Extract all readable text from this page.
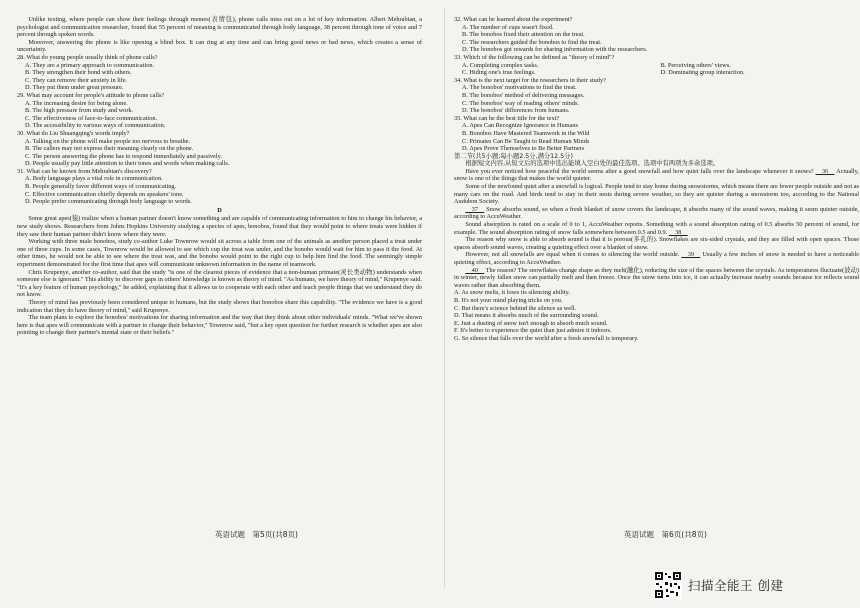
Unlike texting, where people can show their feelings through memes(表情包), phone calls miss out on a lot of key information. Albert Mehrabian, a psychologist and communication researcher, found that 55 percent of meaning is communicated through body language, 38 percent through tone of voice and 7 percent through spoken words.

Moreover, answering the phone is like opening a blind box. It can ring at any time and can bring good news or bad news, which creates a sense of uncertainty.

28. What do young people usually think of phone calls?

A. They are a primary approach to communication.

B. They strengthen their bond with others.

C. They can remove their anxiety in life.

D. They put them under great pressure.

29. What may account for people's attitude to phone calls?

A. The increasing desire for being alone.

B. The high pressure from study and work.

C. The effectiveness of face-to-face communication.

D. The accessibility to various ways of communication.

30. What do Liu Shuangqing's words imply?

A. Talking on the phone will make people too nervous to breathe.

B. The callers may not express their meaning clearly on the phone.

C. The person answering the phone has to respond immediately and passively.

D. People usually pay little attention to their tones and words when making calls.

31. What can be known from Mehrabian's discovery?

A. Body language plays a vital role in communication.

B. People generally favor different ways of communicating.

C. Effective communication chiefly depends on speakers' tone.

D. People prefer communicating through body language to words.

D

Some great apes(猿) realize when a human partner doesn't know something and are capable of communicating information to him to change his behavior, a new study shows. Researchers from Johns Hopkins University studying a species of apes, bonobos, found that they would point to where treats were hidden if they saw their human partner didn't know where they were.

Working with three male bonobos, study co-author Luke Townrow would sit across a table from one of the animals as another person placed a treat under one of three cups. In some cases, Townrow would be allowed to see which cup the treat was under, and the bonobo would wait for him to pass it the food. At other times, he would not be able to see where the treat was, and the bonobo would point to the right cup to help him find the food. The seemingly simple experiment demonstrated for the first time that apes will communicate unknown information in the name of teamwork.

Chris Krupenye, another co-author, said that the study "is one of the clearest pieces of evidence that a non-human primate(灵长类动物) understands when someone else is ignorant." This ability to discover gaps in others' knowledge is known as theory of mind. "As humans, we have theory of mind," Krupenye said. "It's a key feature of human psychology," he added, explaining that it allows us to cooperate with each other and teach people things that we understand they do not know.

Theory of mind has previously been considered unique to humans, but the study shows that bonobos share this capability. "The evidence we have is a good indication that they do have theory of mind," said Krupenye.

The team plans to explore the bonobos' motivations for sharing information and the way that they think about other individuals' minds. "What we've shown here is that apes will communicate with a partner to change their behavior," Townrow said, "but a key open question for further research is whether apes are also pointing to change their partner's mental state or their beliefs."

英语试题　第5页(共8页)

32. What can be learned about the experiment?

A. The number of cups wasn't fixed.

B. The bonobos fixed their attention on the treat.

C. The researchers guided the bonobos to find the treat.

D. The bonobos got rewards for sharing information with the researchers.

33. Which of the following can be defined as "theory of mind"?

A. Completing complex tasks.	B. Perceiving others' views.
C. Hiding one's true feelings.	D. Dominating group interaction.

34. What is the next target for the researchers in their study?

A. The bonobos' motivations to find the treat.

B. The bonobos' method of delivering messages.

C. The bonobos' way of reading others' minds.

D. The bonobos' differences from humans.

35. What can be the best title for the text?

A. Apes Can Recognize Ignorance in Humans

B. Bonobos Have Mastered Teamwork in the Wild

C. Primates Can Be Taught to Read Human Minds

D. Apes Prove Themselves to Be Better Partners

第二节(共5小题;每小题2.5分,满分12.5分)

根据短文内容,从短文后的选项中选出能填入空白处的最佳选项。选项中有两项为多余选项。

Have you ever noticed how peaceful the world seems after a good snowfall and how quiet falls over the landscape whenever it snows?  36  Actually, snow is one of the things that makes the world quieter.

Some of the newfound quiet after a snowfall is logical. People tend to stay home during snowstorms, which means there are fewer people outside and not as many cars on the road. And birds tend to stay in their nests during severe weather, so they are quieter during a snowstorm too, according to the National Audubon Society.

 37  Snow absorbs sound, so when a fresh blanket of snow covers the landscape, it absorbs many of the sound waves, making it seem quieter outside, according to AccuWeather.

Sound absorption is rated on a scale of 0 to 1, AccuWeather reports. Something with a sound absorption rating of 0.5 absorbs 50 percent of sound, for example. The sound absorption rating of snow falls somewhere between 0.5 and 0.9.  38 

The reason why snow is able to absorb sound is that it is porous(多孔的). Snowflakes are six-sided crystals, and they are filled with open spaces. Those spaces absorb sound waves, creating a quieting effect over a blanket of snow.

However, not all snowfalls are equal when it comes to silencing the world outside.  39  Usually a few inches of snow is needed to have a noticeable quieting effect, according to AccuWeather.

 40  The reason? The snowflakes change shape as they melt(融化), reducing the size of the spaces between the crystals. As temperatures fluctuate(波动) in winter, newly fallen snow can partially melt and then freeze. Once the snow turns into ice, it can actually increase nearby sounds because ice reflects sound waves rather than absorbing them.

A. As snow melts, it loses its silencing ability.

B. It's not your mind playing tricks on you.

C. But there's science behind the silence as well.

D. That means it absorbs much of the surrounding sound.

E. Just a dusting of snow isn't enough to absorb much sound.

F. It's better to experience the quiet than just admire it indoors.

G. So silence that falls over the world after a fresh snowfall is temporary.

英语试题　第6页(共8页)
扫描全能王 创建
